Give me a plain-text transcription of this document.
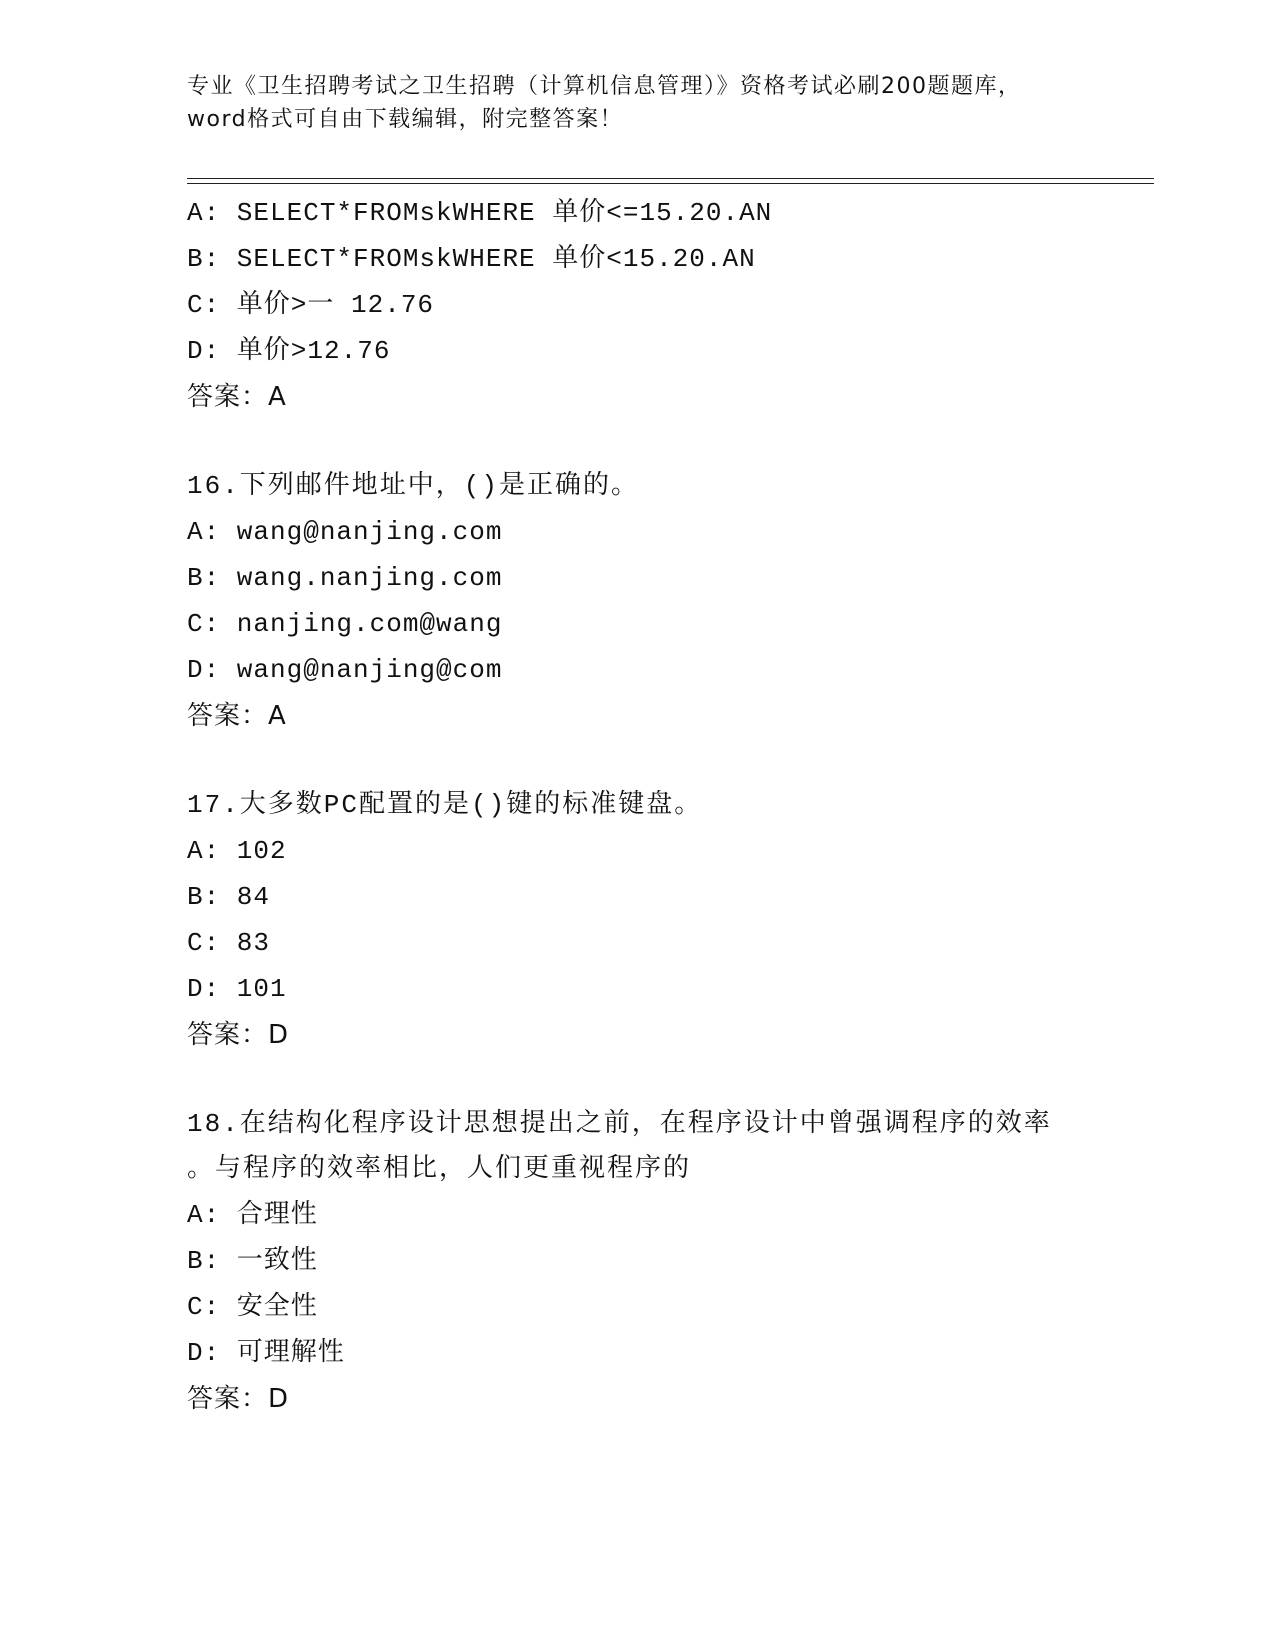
专业《卫生招聘考试之卫生招聘（计算机信息管理）》资格考试必刷200题题库，
word格式可自由下载编辑，附完整答案！
A: SELECT*FROMskWHERE 单价<=15.20.AN
B: SELECT*FROMskWHERE 单价<15.20.AN
C: 单价>一 12.76
D: 单价>12.76
答案：A
16.下列邮件地址中，()是正确的。
A: wang@nanjing.com
B: wang.nanjing.com
C: nanjing.com@wang
D: wang@nanjing@com
答案：A
17.大多数PC配置的是()键的标准键盘。
A: 102
B: 84
C: 83
D: 101
答案：D
18.在结构化程序设计思想提出之前，在程序设计中曾强调程序的效率
。与程序的效率相比，人们更重视程序的
A: 合理性
B: 一致性
C: 安全性
D: 可理解性
答案：D
